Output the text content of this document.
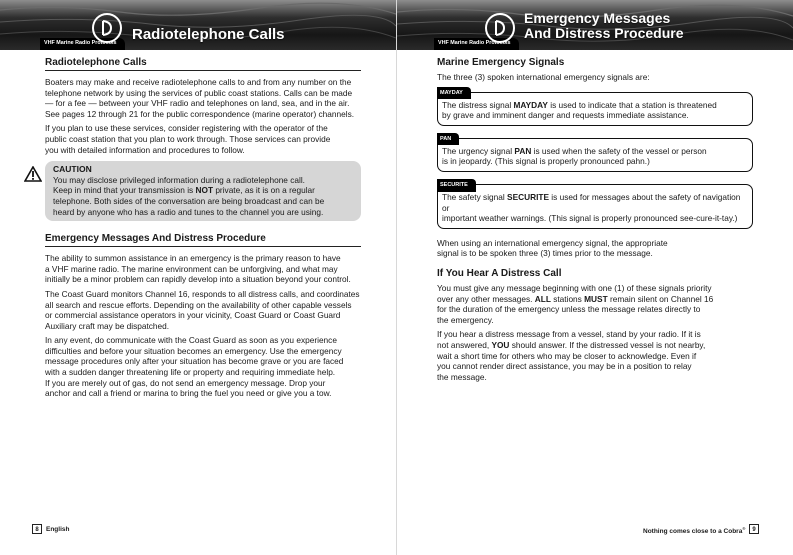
VHF Marine Radio Protocols Radiotelephone Calls
Radiotelephone Calls

Boaters may make and receive radiotelephone calls to and from any number on the
telephone network by using the services of public coast stations. Calls can be made
— for a fee — between your VHF radio and telephones on land, sea, and in the air.
See pages 12 through 21 for the public correspondence (marine operator) channels.

If you plan to use these services, consider registering with the operator of the
public coast station that you plan to work through. Those services can provide
you with detailed information and procedures to follow.

CAUTION
You may disclose privileged information during a radiotelephone call.
Keep in mind that your transmission is NOT private, as it is on a regular
telephone. Both sides of the conversation are being broadcast and can be
heard by anyone who has a radio and tunes to the channel you are using.
Emergency Messages And Distress Procedure

The ability to summon assistance in an emergency is the primary reason to have
a VHF marine radio. The marine environment can be unforgiving, and what may
initially be a minor problem can rapidly develop into a situation beyond your control.

The Coast Guard monitors Channel 16, responds to all distress calls, and coordinates
all search and rescue efforts. Depending on the availability of other capable vessels
or commercial assistance operators in your vicinity, Coast Guard or Coast Guard
Auxiliary craft may be dispatched.

In any event, do communicate with the Coast Guard as soon as you experience
difficulties and before your situation becomes an emergency. Use the emergency
message procedures only after your situation has become grave or you are faced
with a sudden danger threatening life or property and requiring immediate help.
If you are merely out of gas, do not send an emergency message. Drop your
anchor and call a friend or marina to bring the fuel you need or give you a tow.

8	English
VHF Marine Radio Protocols
Emergency Messages
And Distress Procedure
Marine Emergency Signals

The three (3) spoken international emergency signals are:

MAYDAY
The distress signal MAYDAY is used to indicate that a station is threatened
by grave and imminent danger and requests immediate assistance.
PAN
The urgency signal PAN is used when the safety of the vessel or person
is in jeopardy. (This signal is properly pronounced pahn.)
SECURITE
The safety signal SECURITE is used for messages about the safety of navigation or
important weather warnings. (This signal is properly pronounced see-cure-it-tay.)

When using an international emergency signal, the appropriate
signal is to be spoken three (3) times prior to the message.

If You Hear A Distress Call

You must give any message beginning with one (1) of these signals priority
over any other messages. ALL stations MUST remain silent on Channel 16
for the duration of the emergency unless the message relates directly to
the emergency.

If you hear a distress message from a vessel, stand by your radio. If it is
not answered, YOU should answer. If the distressed vessel is not nearby,
wait a short time for others who may be closer to acknowledge. Even if
you cannot render direct assistance, you may be in a position to relay
the message.

Nothing comes close to a Cobra®	9
